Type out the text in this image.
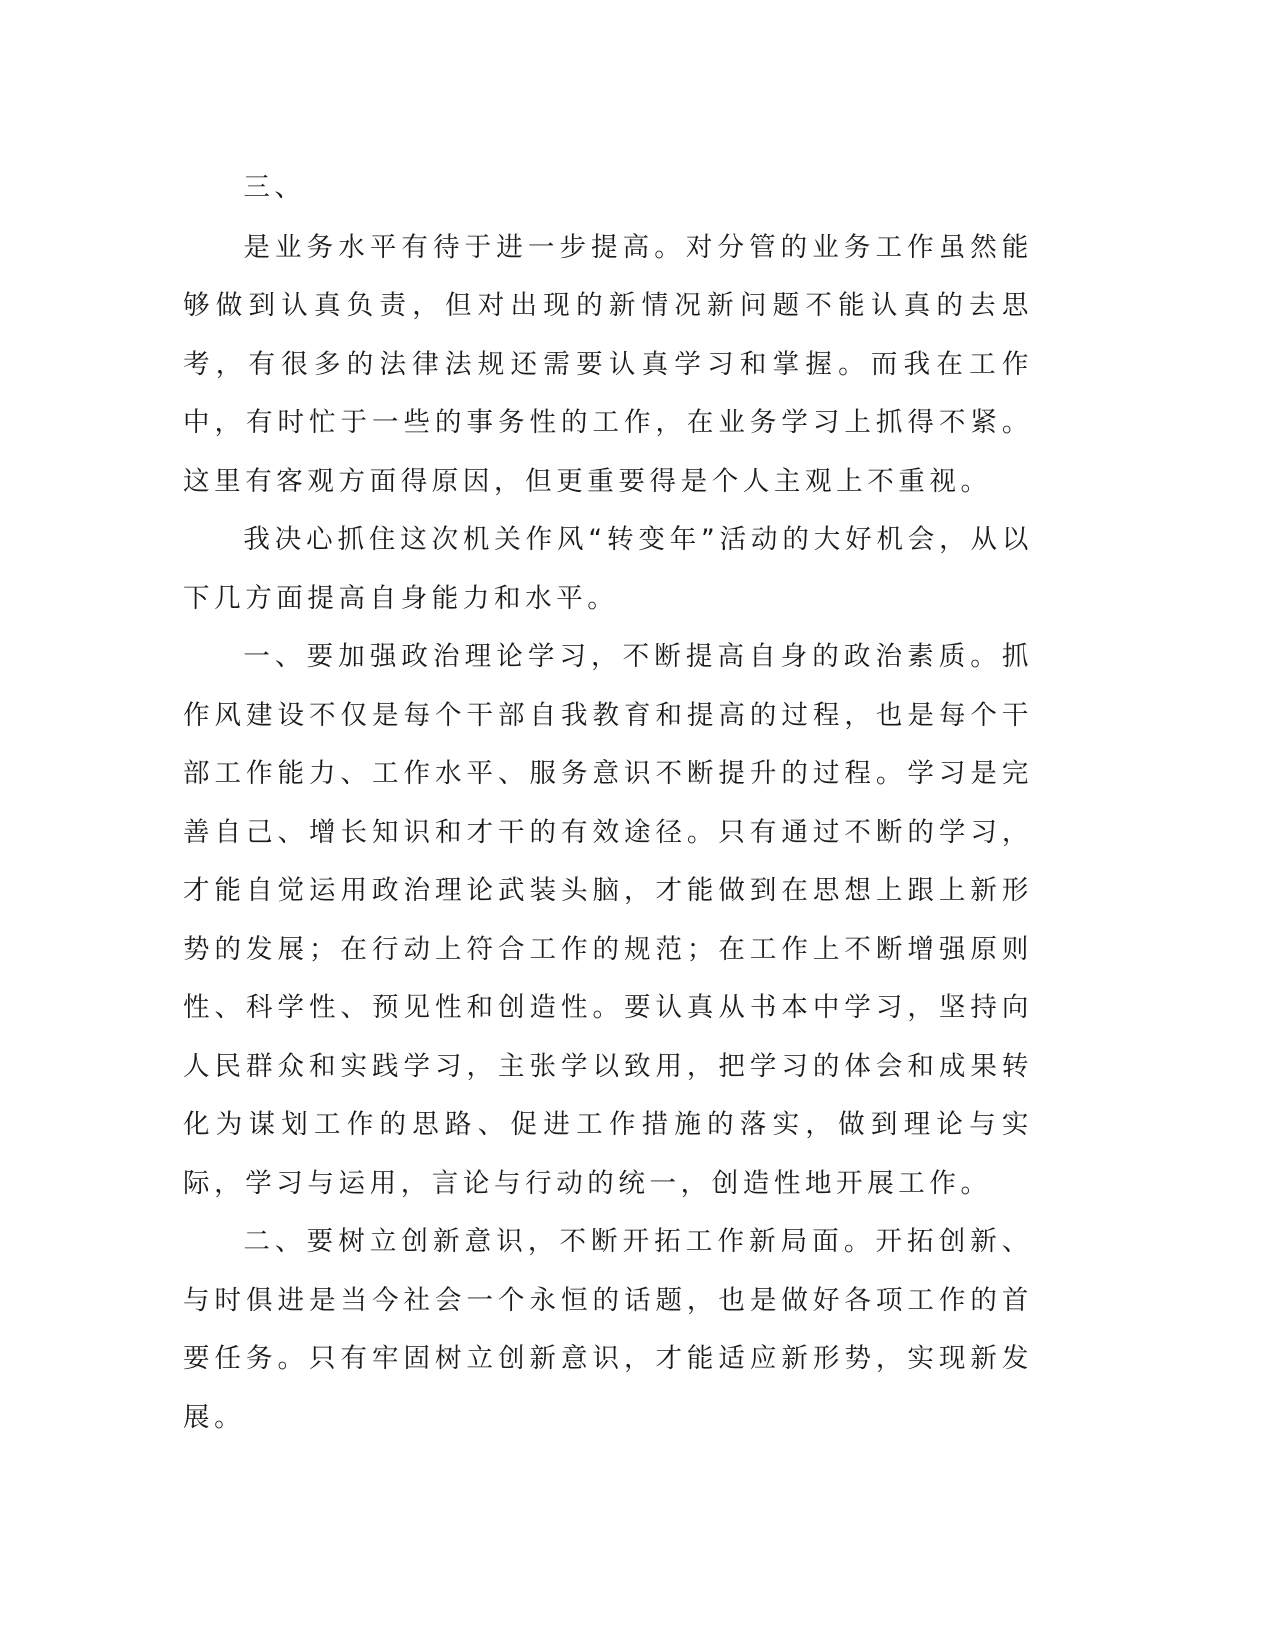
三、

是业务水平有待于进一步提高。对分管的业务工作虽然能够做到认真负责，但对出现的新情况新问题不能认真的去思考，有很多的法律法规还需要认真学习和掌握。而我在工作中，有时忙于一些的事务性的工作，在业务学习上抓得不紧。这里有客观方面得原因，但更重要得是个人主观上不重视。

我决心抓住这次机关作风“转变年”活动的大好机会，从以下几方面提高自身能力和水平。

一、要加强政治理论学习，不断提高自身的政治素质。抓作风建设不仅是每个干部自我教育和提高的过程，也是每个干部工作能力、工作水平、服务意识不断提升的过程。学习是完善自己、增长知识和才干的有效途径。只有通过不断的学习，才能自觉运用政治理论武装头脑，才能做到在思想上跟上新形势的发展；在行动上符合工作的规范；在工作上不断增强原则性、科学性、预见性和创造性。要认真从书本中学习，坚持向人民群众和实践学习，主张学以致用，把学习的体会和成果转化为谋划工作的思路、促进工作措施的落实，做到理论与实际，学习与运用，言论与行动的统一，创造性地开展工作。

二、要树立创新意识，不断开拓工作新局面。开拓创新、与时俱进是当今社会一个永恒的话题，也是做好各项工作的首要任务。只有牢固树立创新意识，才能适应新形势，实现新发展。
